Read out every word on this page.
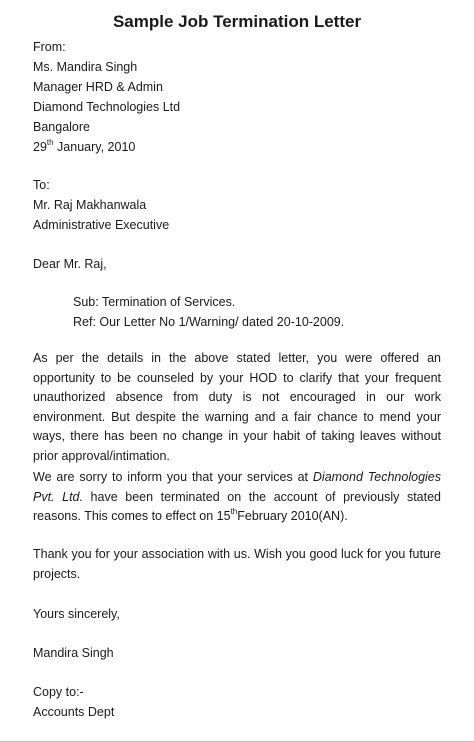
Sample Job Termination Letter
From:
Ms. Mandira Singh
Manager HRD & Admin
Diamond Technologies Ltd
Bangalore
29th January, 2010
To:
Mr. Raj Makhanwala
Administrative Executive
Dear Mr. Raj,
Sub: Termination of Services.
Ref: Our Letter No 1/Warning/ dated 20-10-2009.
As per the details in the above stated letter, you were offered an opportunity to be counseled by your HOD to clarify that your frequent unauthorized absence from duty is not encouraged in our work environment. But despite the warning and a fair chance to mend your ways, there has been no change in your habit of taking leaves without prior approval/intimation.
We are sorry to inform you that your services at Diamond Technologies Pvt. Ltd. have been terminated on the account of previously stated reasons. This comes to effect on 15thFebruary 2010(AN).
Thank you for your association with us. Wish you good luck for you future projects.
Yours sincerely,
Mandira Singh
Copy to:-
Accounts Dept
